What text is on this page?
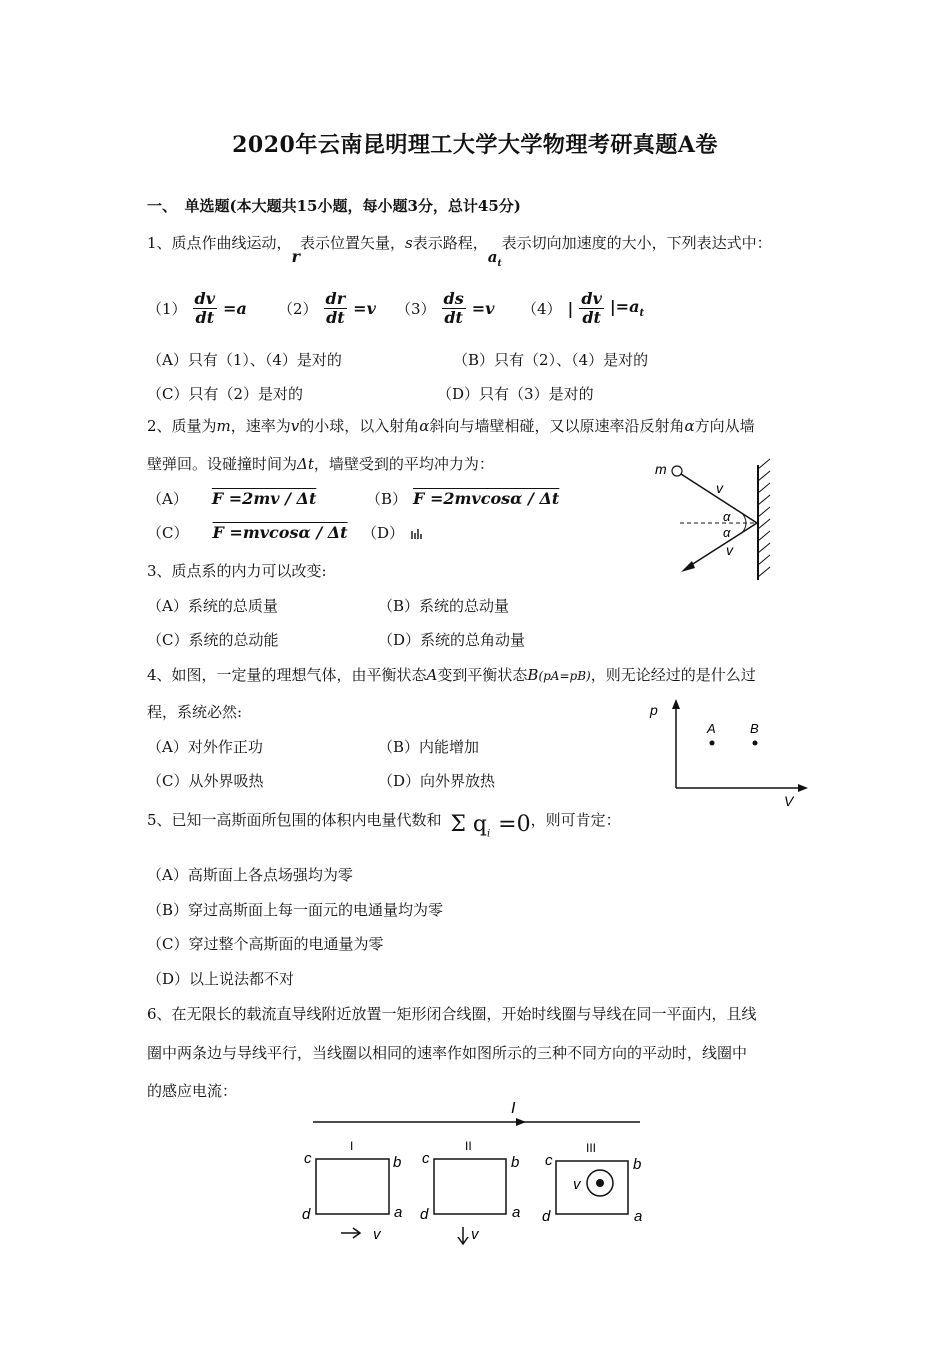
2020年云南昆明理工大学大学物理考研真题A卷
一、　单选题(本大题共15小题，每小题3分，总计45分)
1、质点作曲线运动，r表示位置矢量，s表示路程，$a_t$表示切向加速度的大小，下列表达式中：
$(1) \frac{dv}{dt} =a$ $(2) \frac{dr}{dt} =v$ $(3) \frac{ds}{dt} =v$ （4） | $\frac{dv}{dt} |=a_t$
（A）只有（1）、（4）是对的	（B）只有（2）、（4）是对的
（C）只有（2）是对的	（D）只有（3）是对的
2、质量为m，速率为v的小球，以入射角α斜向与墙壁相碰，又以原速率沿反射角α方向从墙
壁弹回。设碰撞时间为Δt，墙壁受到的平均冲力为：
（A） F =2mv / Δt	（B） F =2mvcosα / Δt
（C） F =mvcosα / Δt （D）
m
v
α
α
v
3、质点系的内力可以改变:
（A）系统的总质量	（B）系统的总动量
（C）系统的总动能	（D）系统的总角动量
4、如图，一定量的理想气体，由平衡状态A变到平衡状态B(pA=pB)，则无论经过的是什么过
程，系统必然:
（A）对外作正功	（B）内能增加
（C）从外界吸热	（D）向外界放热
p
V
A	B
5、已知一高斯面所包围的体积内电量代数和 Σ $q_i =0$，则可肯定：
（A）高斯面上各点场强均为零
（B）穿过高斯面上每一面元的电通量均为零
（C）穿过整个高斯面的电通量为零
（D）以上说法都不对
6、在无限长的载流直导线附近放置一矩形闭合线圈，开始时线圈与导线在同一平面内，且线
圈中两条边与导线平行，当线圈以相同的速率作如图所示的三种不同方向的平动时，线圈中
的感应电流：
I
I
c	b
d	a
v
II
c	b
d	a
v
III
c	b
d	a
v
